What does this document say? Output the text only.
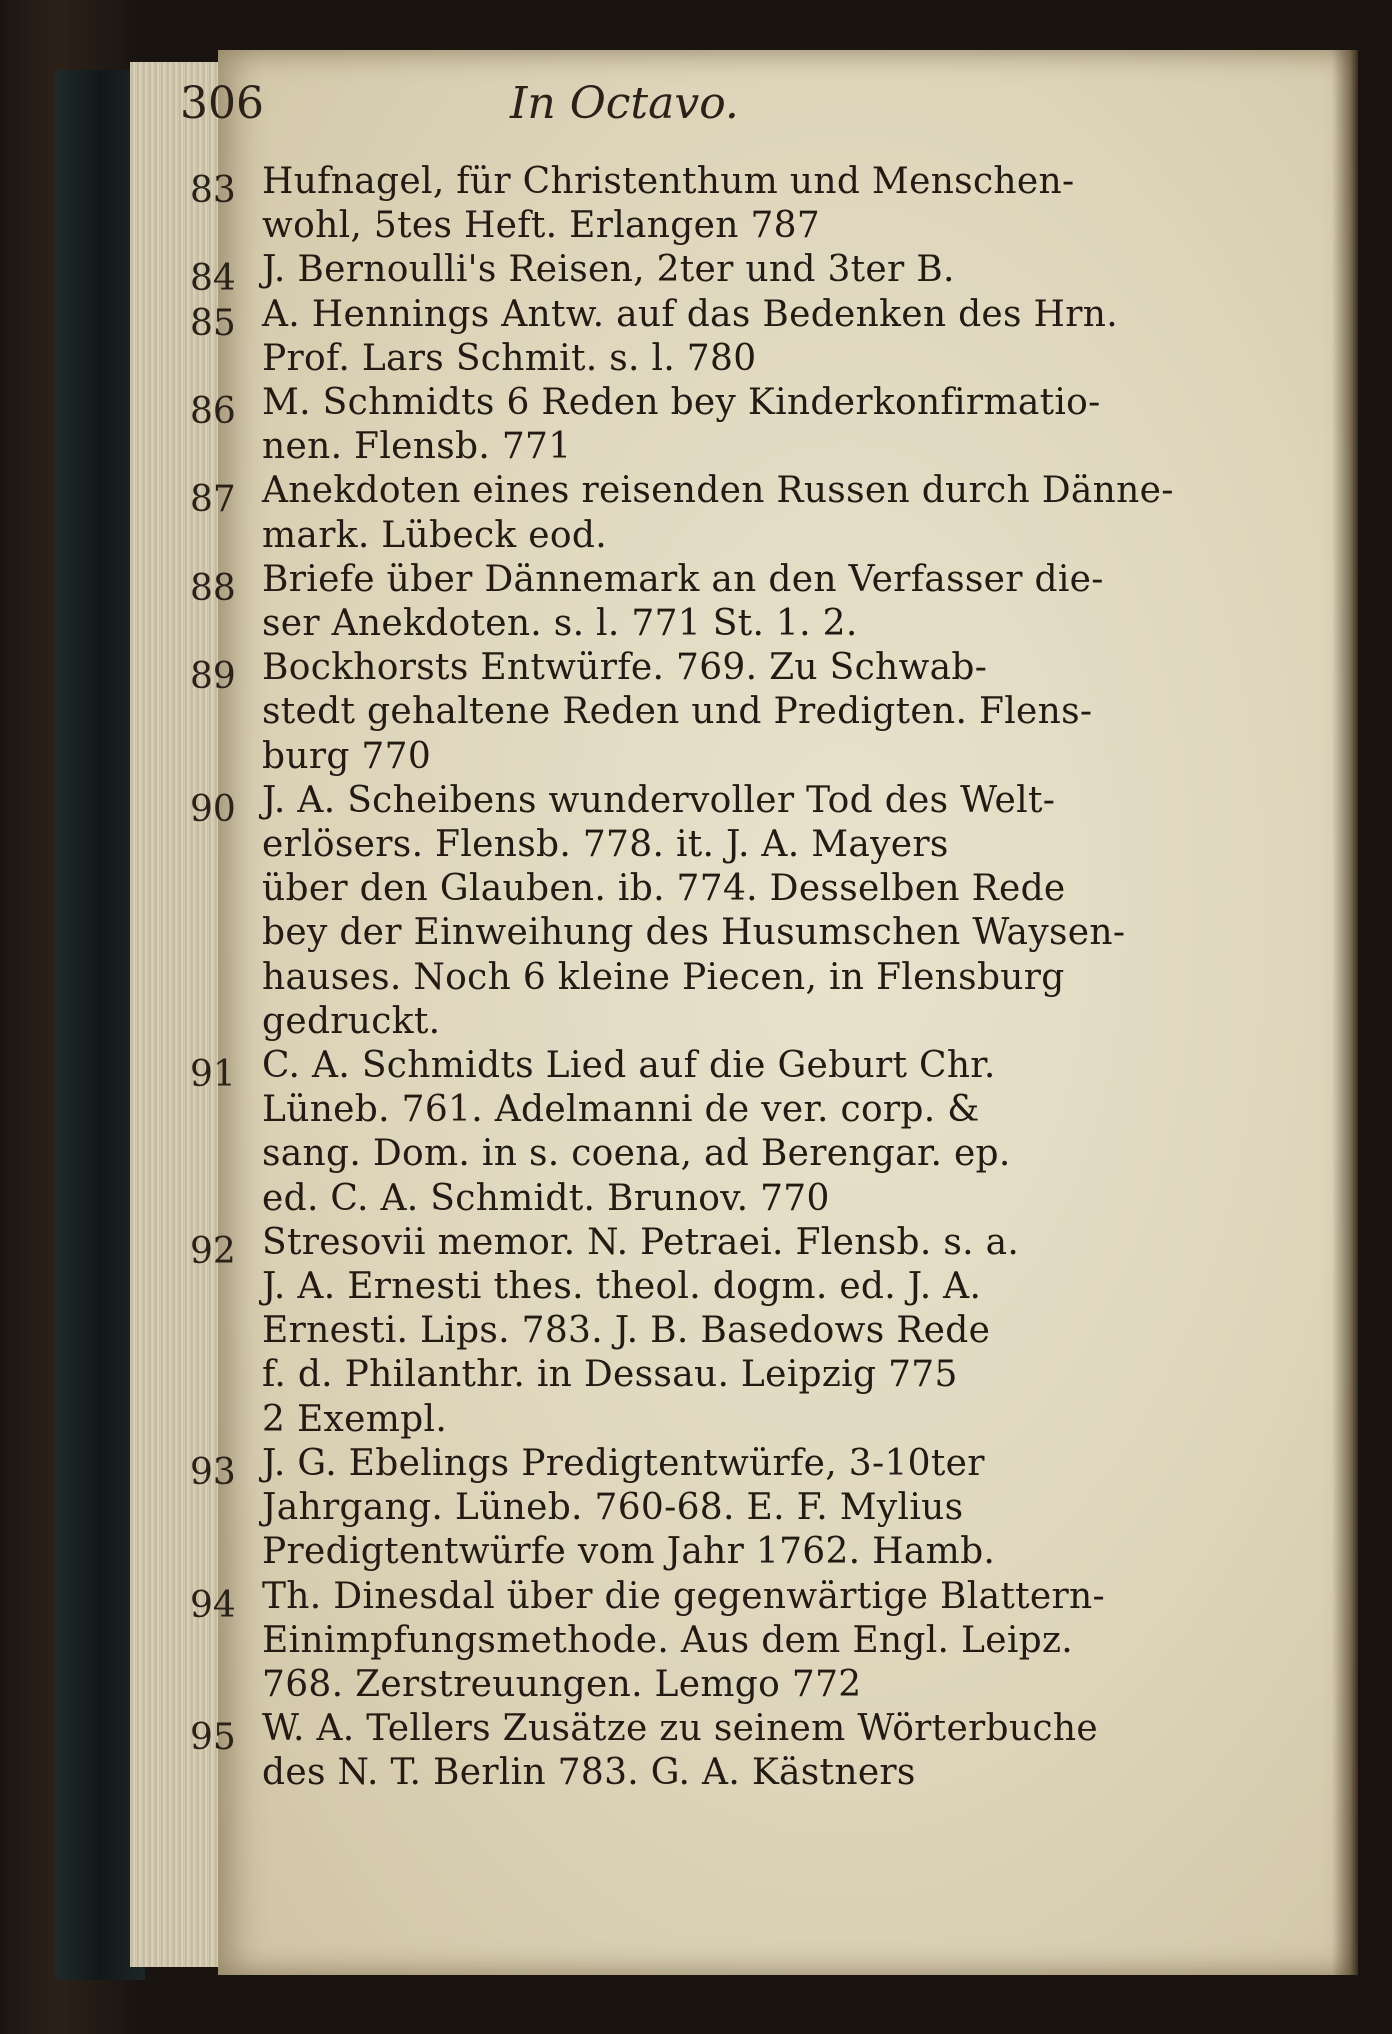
306	In Octavo.
83 Hufnagel, für Christenthum und Menschen-
wohl, 5tes Heft. Erlangen 787
84 J. Bernoulli's Reisen, 2ter und 3ter B.
85 A. Hennings Antw. auf das Bedenken des Hrn.
Prof. Lars Schmit. s. l. 780
86 M. Schmidts 6 Reden bey Kinderkonfirmatio-
nen. Flensb. 771
87 Anekdoten eines reisenden Russen durch Dänne-
mark. Lübeck eod.
88 Briefe über Dännemark an den Verfasser die-
ser Anekdoten. s. l. 771 St. 1. 2.
89 Bockhorsts Entwürfe. 769. Zu Schwab-
stedt gehaltene Reden und Predigten. Flens-
burg 770
90 J. A. Scheibens wundervoller Tod des Welt-
erlösers. Flensb. 778. it. J. A. Mayers
über den Glauben. ib. 774. Desselben Rede
bey der Einweihung des Husumschen Waysen-
hauses. Noch 6 kleine Piecen, in Flensburg
gedruckt.
91 C. A. Schmidts Lied auf die Geburt Chr.
Lüneb. 761. Adelmanni de ver. corp. &
sang. Dom. in s. coena, ad Berengar. ep.
ed. C. A. Schmidt. Brunov. 770
92 Stresovii memor. N. Petraei. Flensb. s. a.
J. A. Ernesti thes. theol. dogm. ed. J. A.
Ernesti. Lips. 783. J. B. Basedows Rede
f. d. Philanthr. in Dessau. Leipzig 775
2 Exempl.
93 J. G. Ebelings Predigtentwürfe, 3-10ter
Jahrgang. Lüneb. 760-68. E. F. Mylius
Predigtentwürfe vom Jahr 1762. Hamb.
94 Th. Dinesdal über die gegenwärtige Blattern-
Einimpfungsmethode. Aus dem Engl. Leipz.
768. Zerstreuungen. Lemgo 772
95 W. A. Tellers Zusätze zu seinem Wörterbuche
des N. T. Berlin 783. G. A. Kästners
